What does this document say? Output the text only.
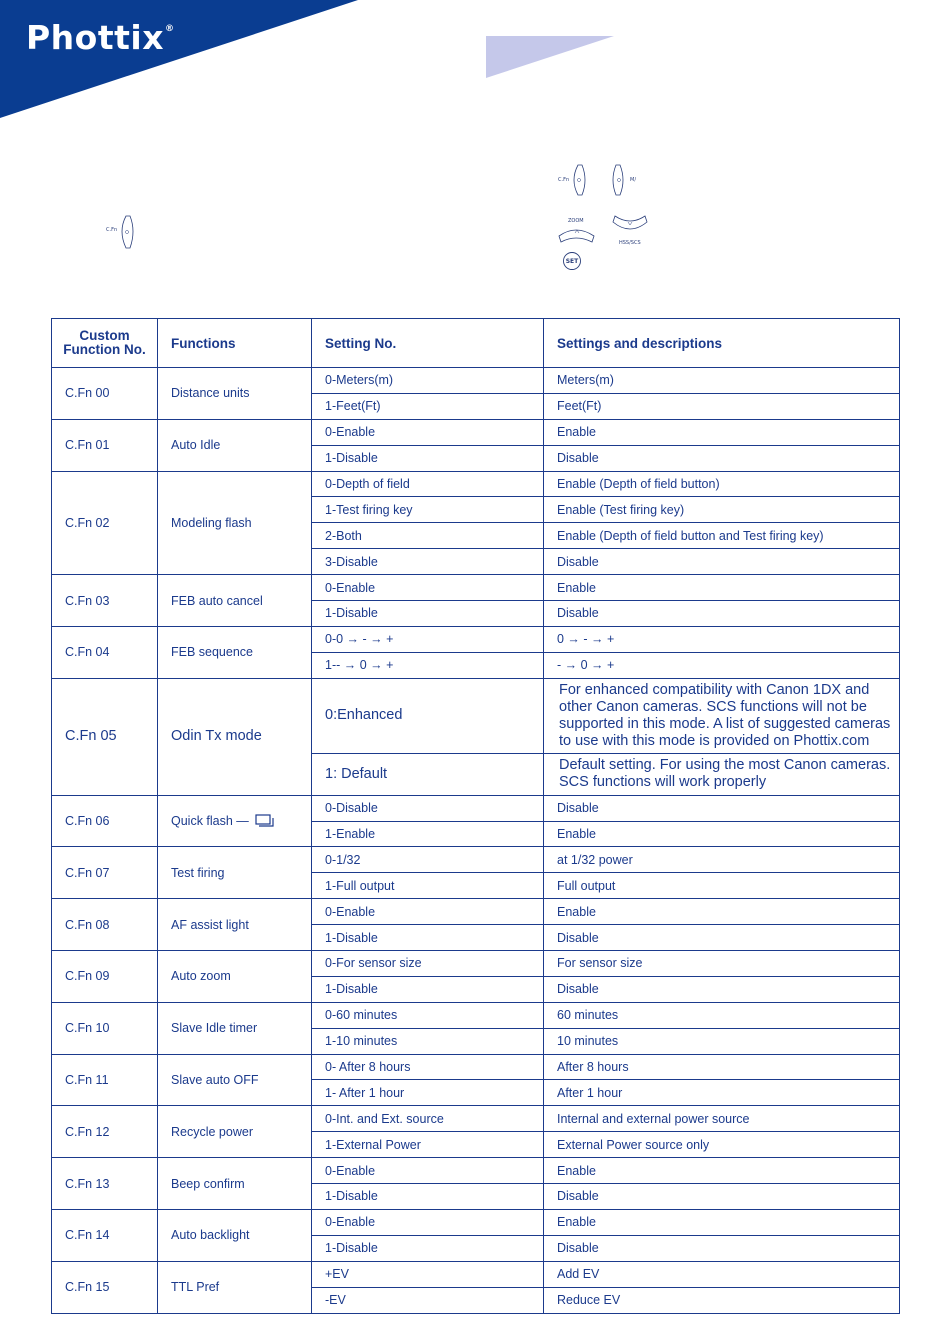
Phottix®
C.Fn
C.Fn	M/
ZOOM
HSS/SCS
SET
Custom Function No.	Functions	Setting No.	Settings and descriptions
C.Fn 00	Distance units	0-Meters(m)	Meters(m)
		1-Feet(Ft)	Feet(Ft)
C.Fn 01	Auto Idle	0-Enable	Enable
		1-Disable	Disable
C.Fn 02	Modeling flash	0-Depth of field	Enable (Depth of field button)
		1-Test firing key	Enable (Test firing key)
		2-Both	Enable (Depth of field button and Test firing key)
		3-Disable	Disable
C.Fn 03	FEB auto cancel	0-Enable	Enable
		1-Disable	Disable
C.Fn 04	FEB sequence	0-0 → - → +	0 → - → +
		1-- → 0 → +	- → 0 → +
C.Fn 05	Odin Tx mode	0:Enhanced	For enhanced compatibility with Canon 1DX and other Canon cameras. SCS functions will not be supported in this mode. A list of suggested cameras to use with this mode is provided on Phottix.com
		1: Default	Default setting. For using the most Canon cameras. SCS functions will work properly
C.Fn 06	Quick flash —	0-Disable	Disable
		1-Enable	Enable
C.Fn 07	Test firing	0-1/32	at 1/32 power
		1-Full output	Full output
C.Fn 08	AF assist light	0-Enable	Enable
		1-Disable	Disable
C.Fn 09	Auto zoom	0-For sensor size	For sensor size
		1-Disable	Disable
C.Fn 10	Slave Idle timer	0-60 minutes	60 minutes
		1-10 minutes	10 minutes
C.Fn 11	Slave auto OFF	0- After 8 hours	After 8 hours
		1- After 1 hour	After 1 hour
C.Fn 12	Recycle power	0-Int. and Ext. source	Internal and external power source
		1-External Power	External Power source only
C.Fn 13	Beep confirm	0-Enable	Enable
		1-Disable	Disable
C.Fn 14	Auto backlight	0-Enable	Enable
		1-Disable	Disable
C.Fn 15	TTL Pref	+EV	Add EV
		-EV	Reduce EV
